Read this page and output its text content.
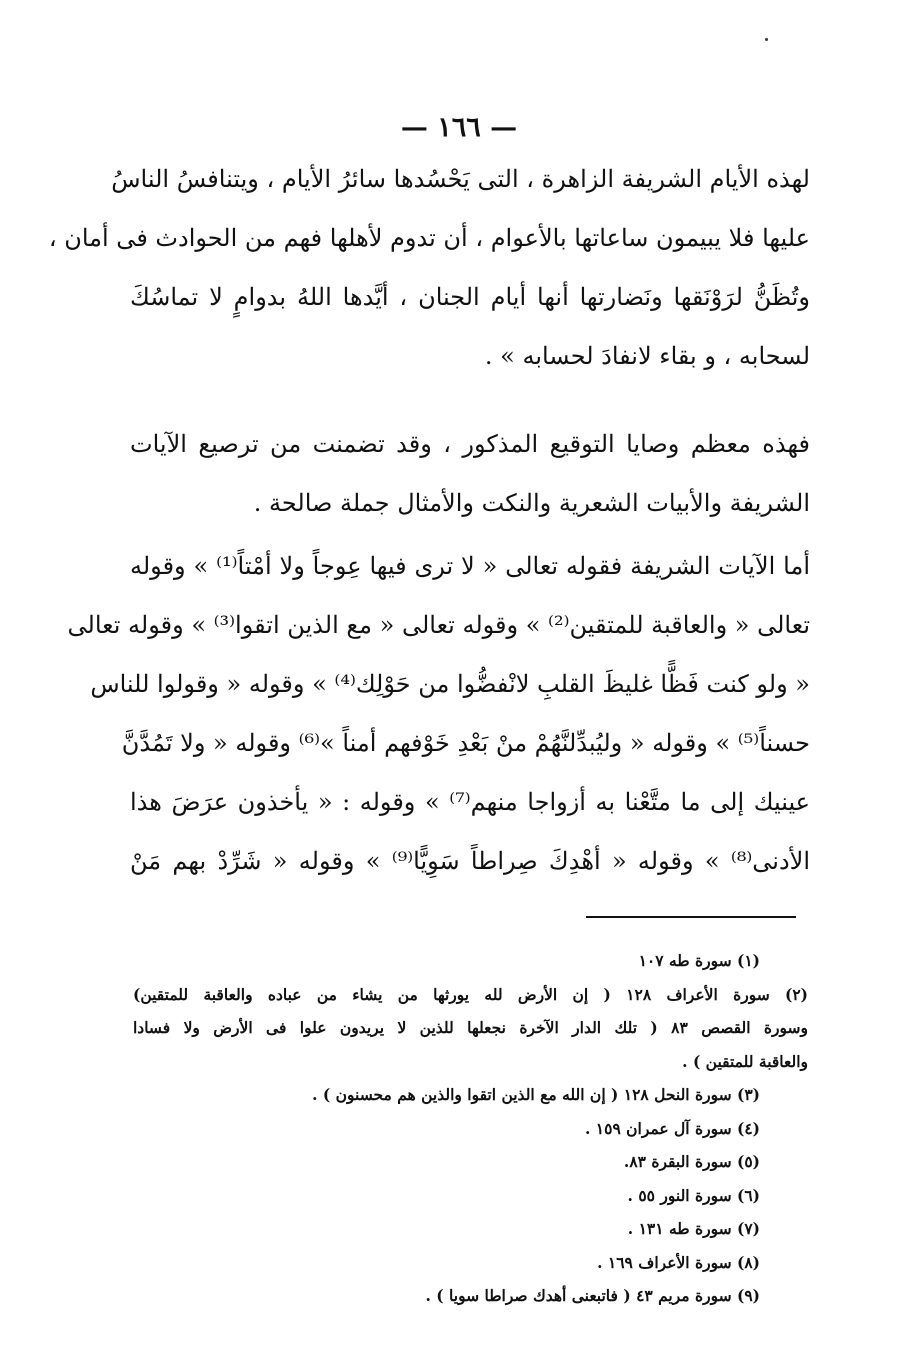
— ١٦٦ —
لهذه الأيام الشريفة الزاهرة ، التى يَحْسُدها سائرُ الأيام ، ويتنافسُ الناسُ
عليها فلا يبيمون ساعاتها بالأعوام ، أن تدوم لأهلها فهم من الحوادث فى أمان ،
وتُظَنُّ لرَوْنَقها ونَضارتها أنها أيام الجنان ، أيَّدها اللهُ بدوامٍ لا تماسُكَ
لسحابه ، و بقاء لانفادَ لحسابه » .
فهذه معظم وصايا التوقيع المذكور ، وقد تضمنت من ترصيع الآيات
الشريفة والأبيات الشعرية والنكت والأمثال جملة صالحة .
أما الآيات الشريفة فقوله تعالى « لا ترى فيها عِوجاً ولا أمْتاً⁽¹⁾ » وقوله
تعالى « والعاقبة للمتقين⁽²⁾ » وقوله تعالى « مع الذين اتقوا⁽³⁾ » وقوله تعالى
« ولو كنت فَظًّا غليظَ القلبِ لانْفضُّوا من حَوْلِك⁽⁴⁾ » وقوله « وقولوا للناس
حسناً⁽⁵⁾ » وقوله « وليُبدِّلنَّهُمْ منْ بَعْدِ خَوْفهم أمناً »⁽⁶⁾ وقوله « ولا تَمُدَّنَّ
عينيك إلى ما متَّعْنا به أزواجا منهم⁽⁷⁾ » وقوله : « يأخذون عرَضَ هذا
الأدنى⁽⁸⁾ » وقوله « أهْدِكَ صِراطاً سَوِيًّا⁽⁹⁾ » وقوله « شَرِّدْ بهم مَنْ
(١) سورة طه ١٠٧
(٢) سورة الأعراف ١٢٨ ( إن الأرض لله يورثها من يشاء من عباده والعاقبة للمتقين)
وسورة القصص ٨٣ ( تلك الدار الآخرة نجعلها للذين لا يريدون علوا فى الأرض ولا فسادا
والعاقبة للمتقين ) .
(٣) سورة النحل ١٢٨ ( إن الله مع الذين اتقوا والذين هم محسنون ) .
(٤) سورة آل عمران ١٥٩ .
(٥) سورة البقرة ٨٣.
(٦) سورة النور ٥٥ .
(٧) سورة طه ١٣١ .
(٨) سورة الأعراف ١٦٩ .
(٩) سورة مريم ٤٣ ( فاتبعنى أهدك صراطا سويا ) .
